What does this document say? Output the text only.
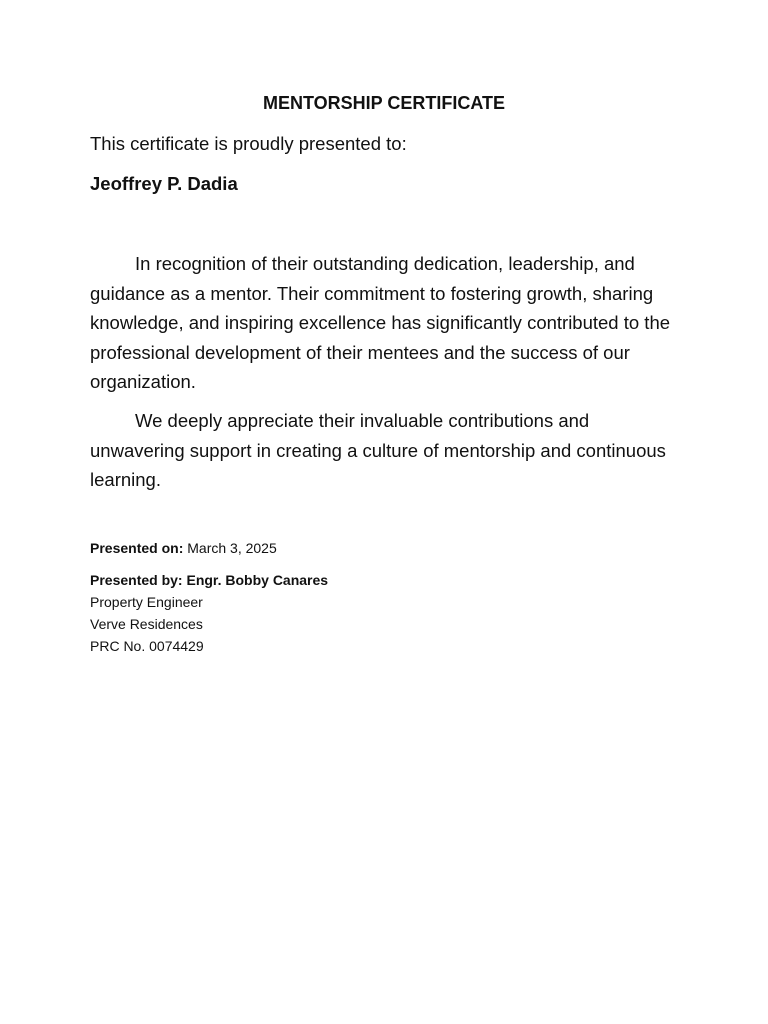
MENTORSHIP CERTIFICATE
This certificate is proudly presented to:
Jeoffrey P. Dadia

In recognition of their outstanding dedication, leadership, and guidance as a mentor. Their commitment to fostering growth, sharing knowledge, and inspiring excellence has significantly contributed to the professional development of their mentees and the success of our organization.

We deeply appreciate their invaluable contributions and unwavering support in creating a culture of mentorship and continuous learning.

Presented on: March 3, 2025
Presented by: Engr. Bobby Canares
Property Engineer
Verve Residences
PRC No. 0074429
